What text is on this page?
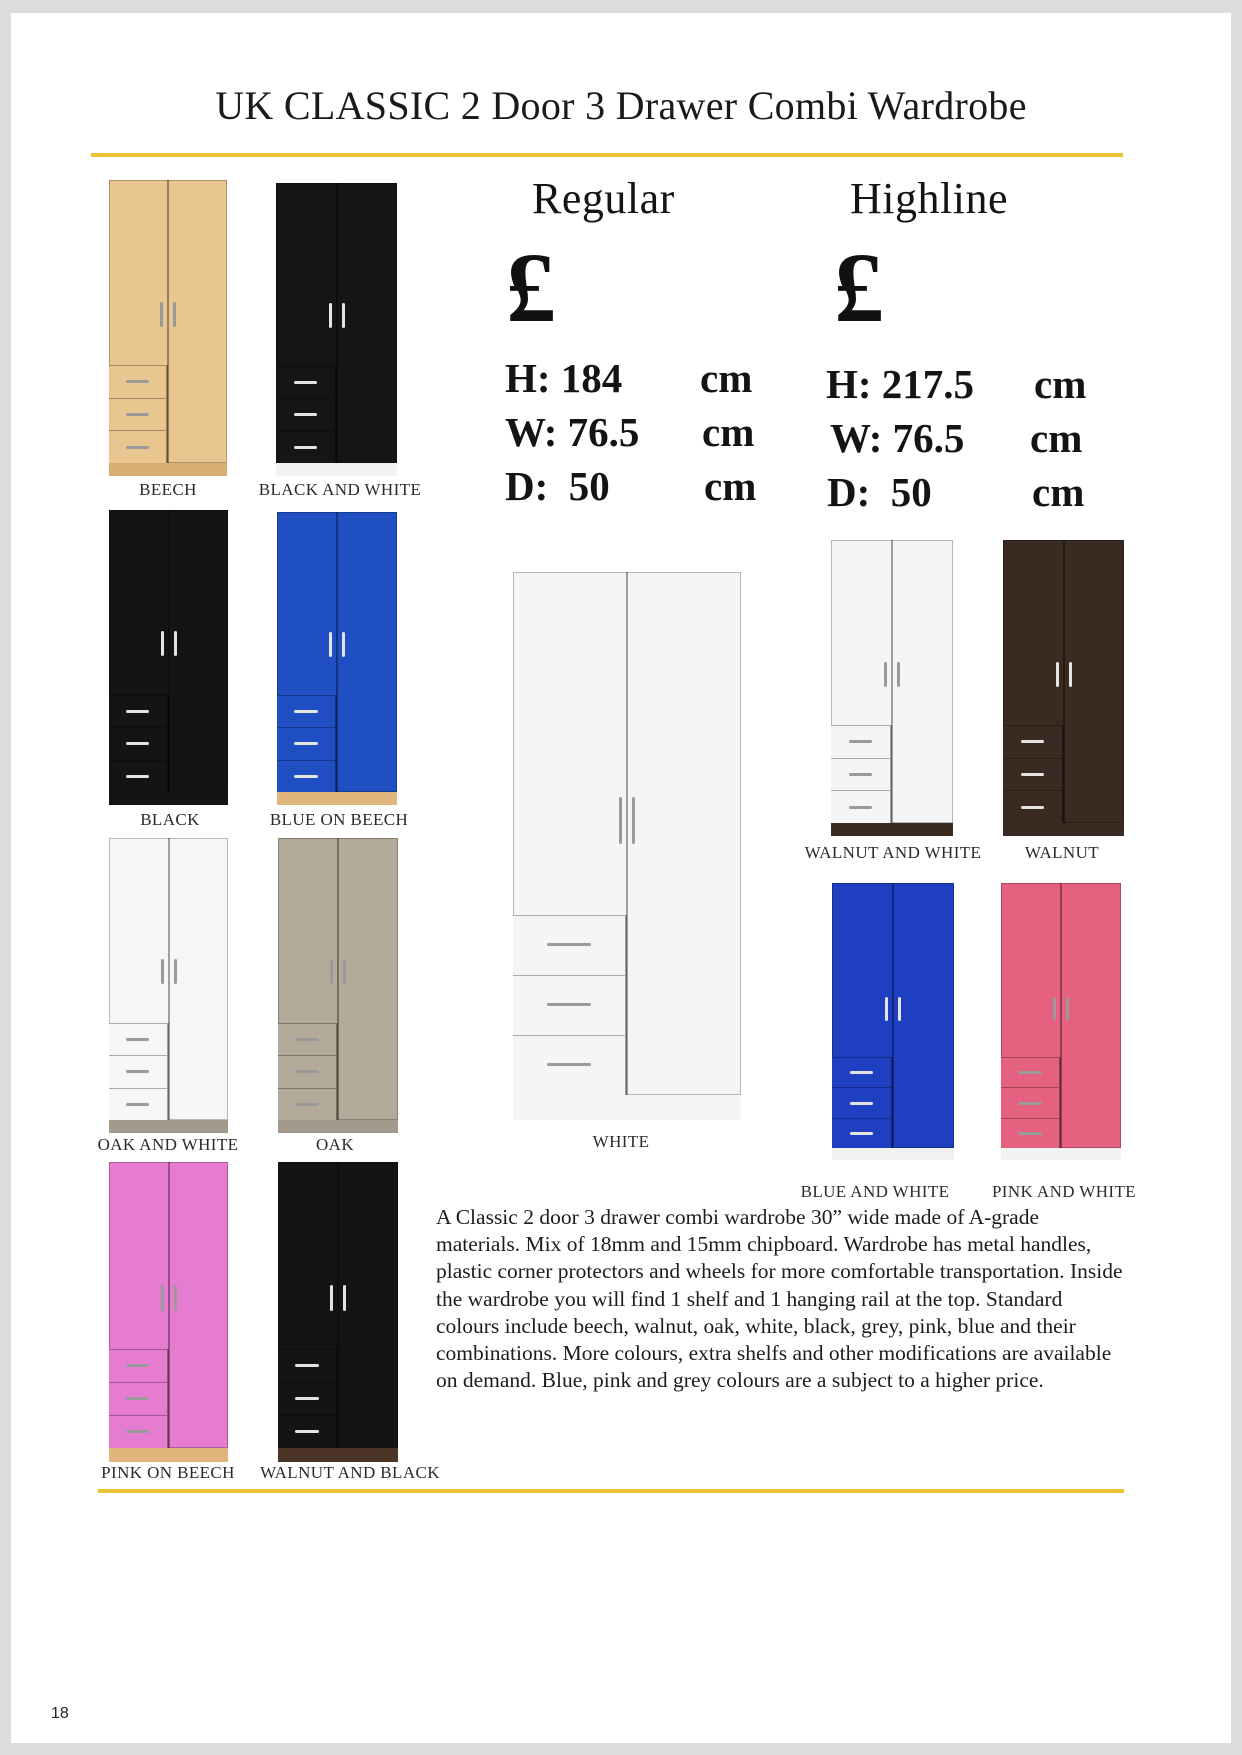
UK CLASSIC 2 Door 3 Drawer Combi Wardrobe
BEECH	BLACK AND WHITE
BLACK	BLUE ON BEECH
OAK AND WHITE	OAK
PINK ON BEECH WALNUT AND BLACK
WHITE
WALNUT AND WHITE	WALNUT
BLUE AND WHITE	PINK AND WHITE
Regular
£
H: 184 cm
W: 76.5 cm
D: 50 cm
Highline
£
H: 217.5 cm
W: 76.5 cm
D: 50 cm
A Classic 2 door 3 drawer combi wardrobe 30” wide made of A-grade materials. Mix of 18mm and 15mm chipboard. Wardrobe has metal handles, plastic corner protectors and wheels for more comfortable transportation. Inside the wardrobe you will find 1 shelf and 1 hanging rail at the top. Standard colours include beech, walnut, oak, white, black, grey, pink, blue and their combinations. More colours, extra shelfs and other modifications are available on demand. Blue, pink and grey colours are a subject to a higher price.
18
